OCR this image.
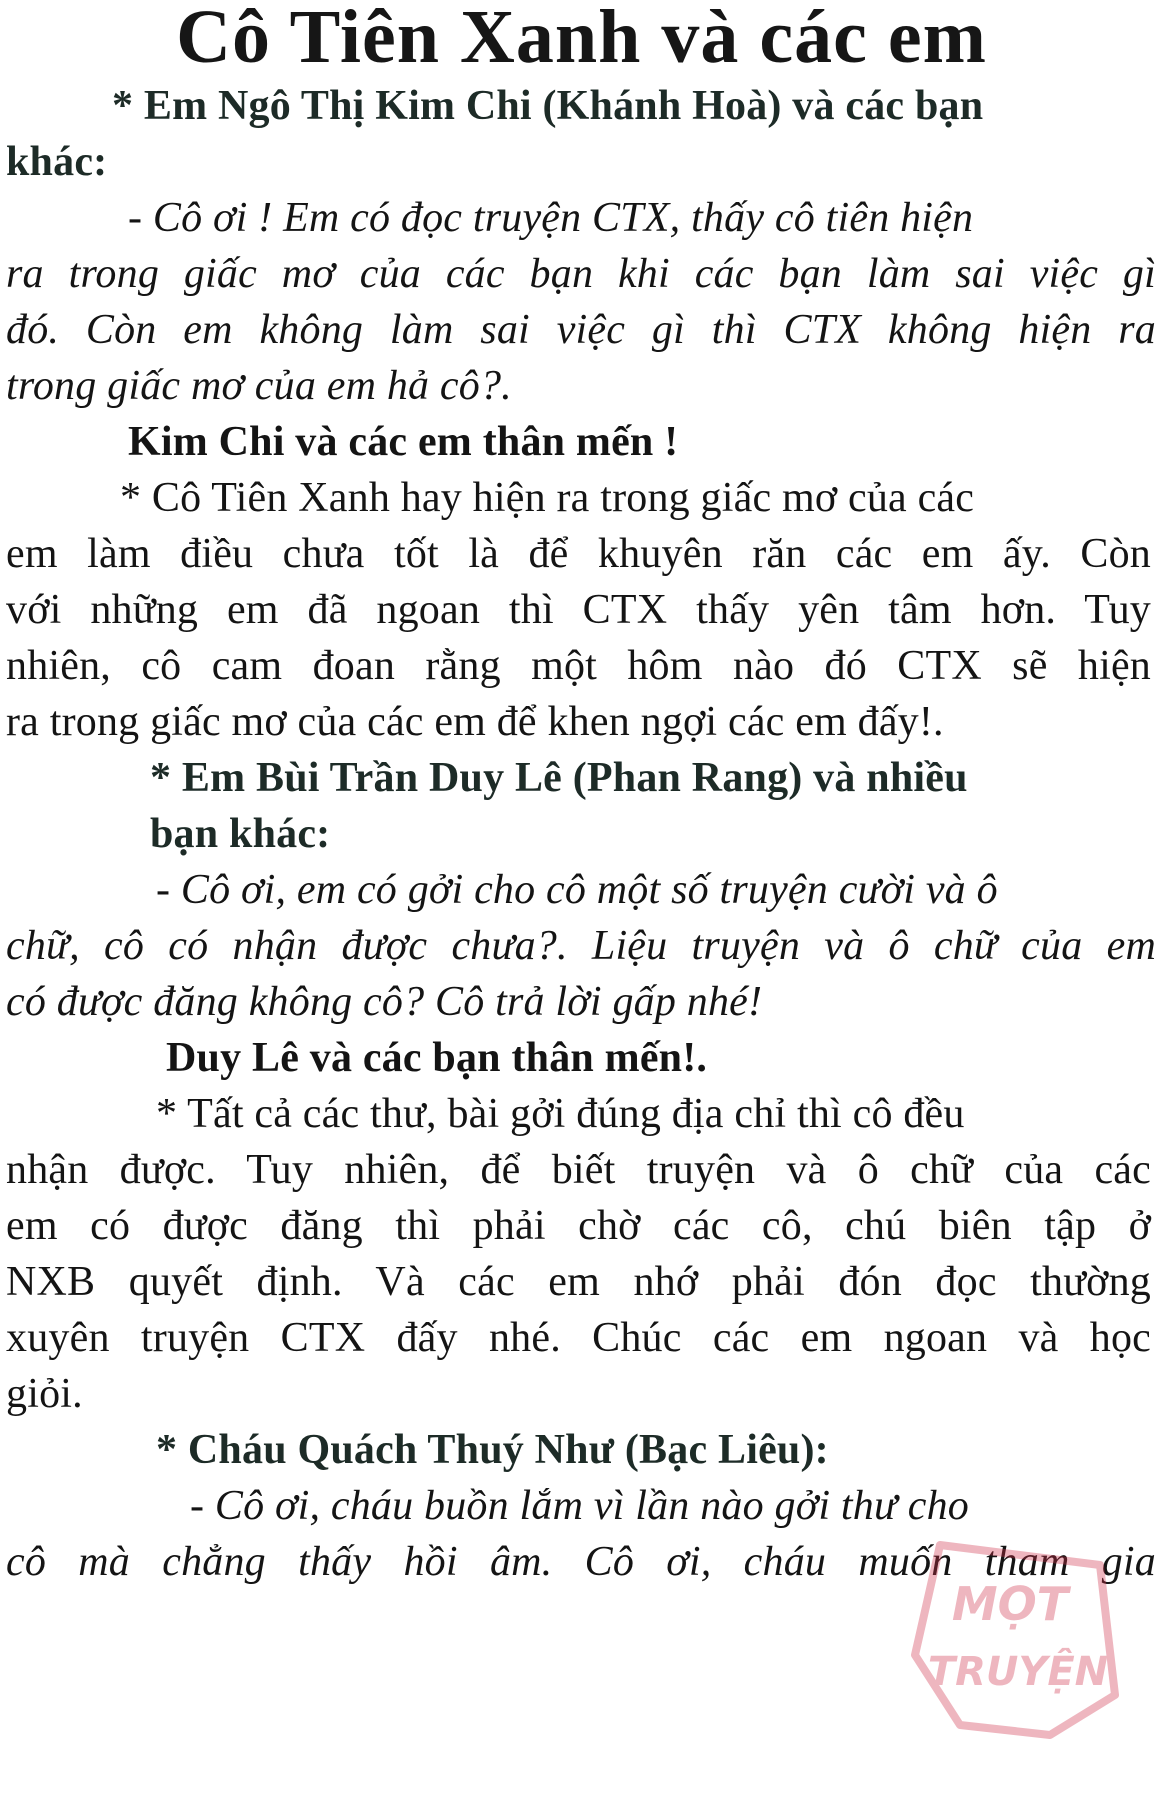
Cô Tiên Xanh và các em
* Em Ngô Thị Kim Chi (Khánh Hoà) và các bạn
khác:
- Cô ơi ! Em có đọc truyện CTX, thấy cô tiên hiện
ra trong giấc mơ của các bạn khi các bạn làm sai việc gì
đó. Còn em không làm sai việc gì thì CTX không hiện ra
trong giấc mơ của em hả cô?.
Kim Chi và các em thân mến !
* Cô Tiên Xanh hay hiện ra trong giấc mơ của các
em làm điều chưa tốt là để khuyên răn các em ấy. Còn
với những em đã ngoan thì CTX thấy yên tâm hơn. Tuy
nhiên, cô cam đoan rằng một hôm nào đó CTX sẽ hiện
ra trong giấc mơ của các em để khen ngợi các em đấy!.
* Em Bùi Trần Duy Lê (Phan Rang) và nhiều
bạn khác:
- Cô ơi, em có gởi cho cô một số truyện cười và ô
chữ, cô có nhận được chưa?. Liệu truyện và ô chữ của em
có được đăng không cô? Cô trả lời gấp nhé!
Duy Lê và các bạn thân mến!.
* Tất cả các thư, bài gởi đúng địa chỉ thì cô đều
nhận được. Tuy nhiên, để biết truyện và ô chữ của các
em có được đăng thì phải chờ các cô, chú biên tập ở
NXB quyết định. Và các em nhớ phải đón đọc thường
xuyên truyện CTX đấy nhé. Chúc các em ngoan và học
giỏi.
* Cháu Quách Thuý Như (Bạc Liêu):
- Cô ơi, cháu buồn lắm vì lần nào gởi thư cho
cô mà chẳng thấy hồi âm. Cô ơi, cháu muốn tham gia
MỌT
TRUYỆN
